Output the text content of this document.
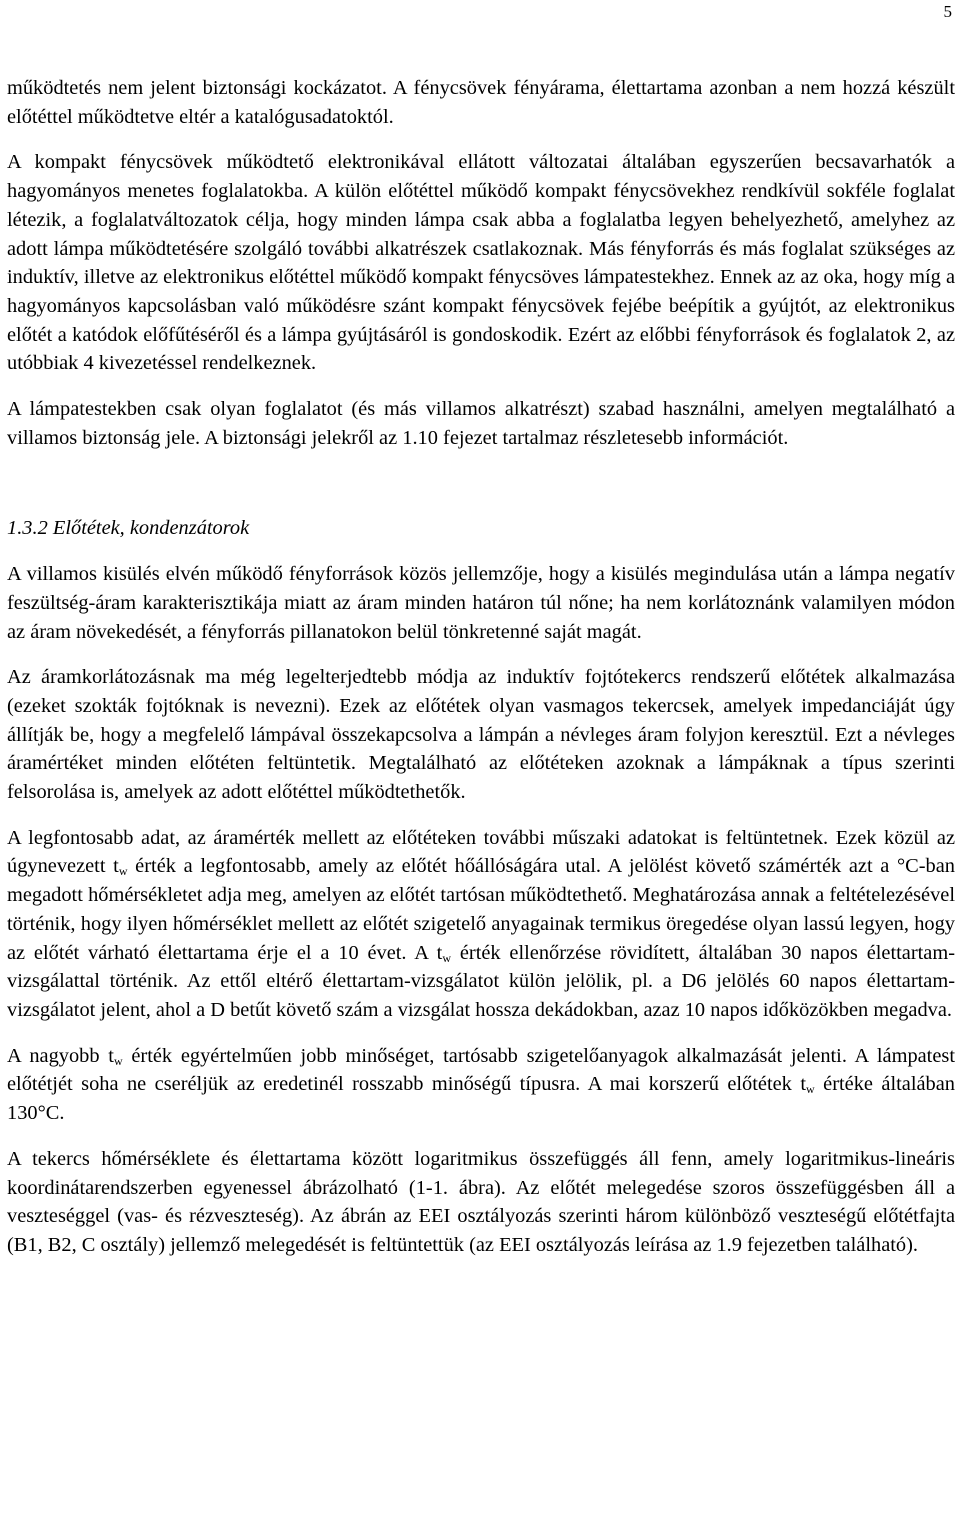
5

működtetés nem jelent biztonsági kockázatot. A fénycsövek fényárama, élettartama azonban a nem hozzá készült előtéttel működtetve eltér a katalógusadatoktól.

A kompakt fénycsövek működtető elektronikával ellátott változatai általában egyszerűen becsavarhatók a hagyományos menetes foglalatokba. A külön előtéttel működő kompakt fénycsövekhez rendkívül sokféle foglalat létezik, a foglalatváltozatok célja, hogy minden lámpa csak abba a foglalatba legyen behelyezhető, amelyhez az adott lámpa működtetésére szolgáló további alkatrészek csatlakoznak. Más fényforrás és más foglalat szükséges az induktív, illetve az elektronikus előtéttel működő kompakt fénycsöves lámpatestekhez. Ennek az az oka, hogy míg a hagyományos kapcsolásban való működésre szánt kompakt fénycsövek fejébe beépítik a gyújtót, az elektronikus előtét a katódok előfűtéséről és a lámpa gyújtásáról is gondoskodik. Ezért az előbbi fényforrások és foglalatok 2, az utóbbiak 4 kivezetéssel rendelkeznek.

A lámpatestekben csak olyan foglalatot (és más villamos alkatrészt) szabad használni, amelyen megtalálható a villamos biztonság jele. A biztonsági jelekről az 1.10 fejezet tartalmaz részletesebb információt.

1.3.2 Előtétek, kondenzátorok

A villamos kisülés elvén működő fényforrások közös jellemzője, hogy a kisülés megindulása után a lámpa negatív feszültség-áram karakterisztikája miatt az áram minden határon túl nőne; ha nem korlátoznánk valamilyen módon az áram növekedését, a fényforrás pillanatokon belül tönkretenné saját magát.

Az áramkorlátozásnak ma még legelterjedtebb módja az induktív fojtótekercs rendszerű előtétek alkalmazása (ezeket szokták fojtóknak is nevezni). Ezek az előtétek olyan vasmagos tekercsek, amelyek impedanciáját úgy állítják be, hogy a megfelelő lámpával összekapcsolva a lámpán a névleges áram folyjon keresztül. Ezt a névleges áramértéket minden előtéten feltüntetik. Megtalálható az előtéteken azoknak a lámpáknak a típus szerinti felsorolása is, amelyek az adott előtéttel működtethetők.

A legfontosabb adat, az áramérték mellett az előtéteken további műszaki adatokat is feltüntetnek. Ezek közül az úgynevezett $t_w$ érték a legfontosabb, amely az előtét hőállóságára utal. A jelölést követő számérték azt a °C-ban megadott hőmérsékletet adja meg, amelyen az előtét tartósan működtethető. Meghatározása annak a feltételezésével történik, hogy ilyen hőmérséklet mellett az előtét szigetelő anyagainak termikus öregedése olyan lassú legyen, hogy az előtét várható élettartama érje el a 10 évet. A $t_w$ érték ellenőrzése rövidített, általában 30 napos élettartam-vizsgálattal történik. Az ettől eltérő élettartam-vizsgálatot külön jelölik, pl. a D6 jelölés 60 napos élettartam-vizsgálatot jelent, ahol a D betűt követő szám a vizsgálat hossza dekádokban, azaz 10 napos időközökben megadva.

A nagyobb $t_w$ érték egyértelműen jobb minőséget, tartósabb szigetelőanyagok alkalmazását jelenti. A lámpatest előtétjét soha ne cseréljük az eredetinél rosszabb minőségű típusra. A mai korszerű előtétek $t_w$ értéke általában 130°C.

A tekercs hőmérséklete és élettartama között logaritmikus összefüggés áll fenn, amely logaritmikus-lineáris koordinátarendszerben egyenessel ábrázolható (1-1. ábra). Az előtét melegedése szoros összefüggésben áll a veszteséggel (vas- és rézveszteség). Az ábrán az EEI osztályozás szerinti három különböző veszteségű előtétfajta (B1, B2, C osztály) jellemző melegedését is feltüntettük (az EEI osztályozás leírása az 1.9 fejezetben található).
